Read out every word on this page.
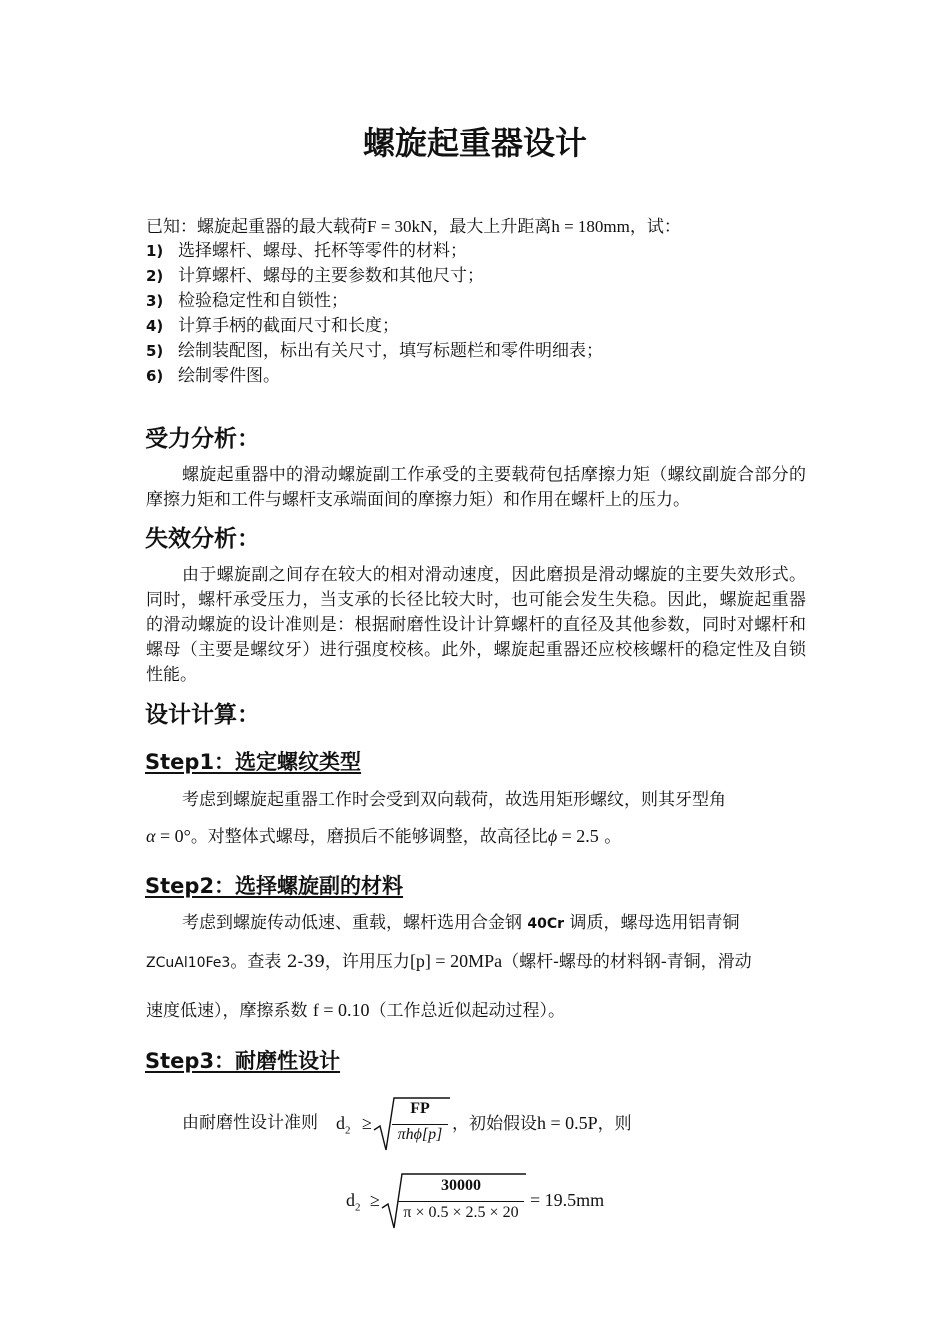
螺旋起重器设计
已知：螺旋起重器的最大载荷F = 30kN，最大上升距离h = 180mm，试：
1) 选择螺杆、螺母、托杯等零件的材料；
2) 计算螺杆、螺母的主要参数和其他尺寸；
3) 检验稳定性和自锁性；
4) 计算手柄的截面尺寸和长度；
5) 绘制装配图，标出有关尺寸，填写标题栏和零件明细表；
6) 绘制零件图。
受力分析：
螺旋起重器中的滑动螺旋副工作承受的主要载荷包括摩擦力矩（螺纹副旋合部分的摩擦力矩和工件与螺杆支承端面间的摩擦力矩）和作用在螺杆上的压力。
失效分析：
由于螺旋副之间存在较大的相对滑动速度，因此磨损是滑动螺旋的主要失效形式。同时，螺杆承受压力，当支承的长径比较大时，也可能会发生失稳。因此，螺旋起重器的滑动螺旋的设计准则是：根据耐磨性设计计算螺杆的直径及其他参数，同时对螺杆和螺母（主要是螺纹牙）进行强度校核。此外，螺旋起重器还应校核螺杆的稳定性及自锁性能。
设计计算：
Step1：选定螺纹类型
考虑到螺旋起重器工作时会受到双向载荷，故选用矩形螺纹，则其牙型角
α = 0°。对整体式螺母，磨损后不能够调整，故高径比ϕ = 2.5 。
Step2：选择螺旋副的材料
考虑到螺旋传动低速、重载，螺杆选用合金钢 40Cr 调质，螺母选用铝青铜
ZCuAl10Fe3。查表 2-39，许用压力[p] = 20MPa（螺杆-螺母的材料钢-青铜，滑动
速度低速），摩擦系数 f = 0.10（工作总近似起动过程）。
Step3：耐磨性设计
由耐磨性设计准则 $d_2$ ≥
FP
πhϕ[p]
，初始假设h = 0.5P，则
$d_2$ ≥
30000
π × 0.5 × 2.5 × 20
= 19.5mm
